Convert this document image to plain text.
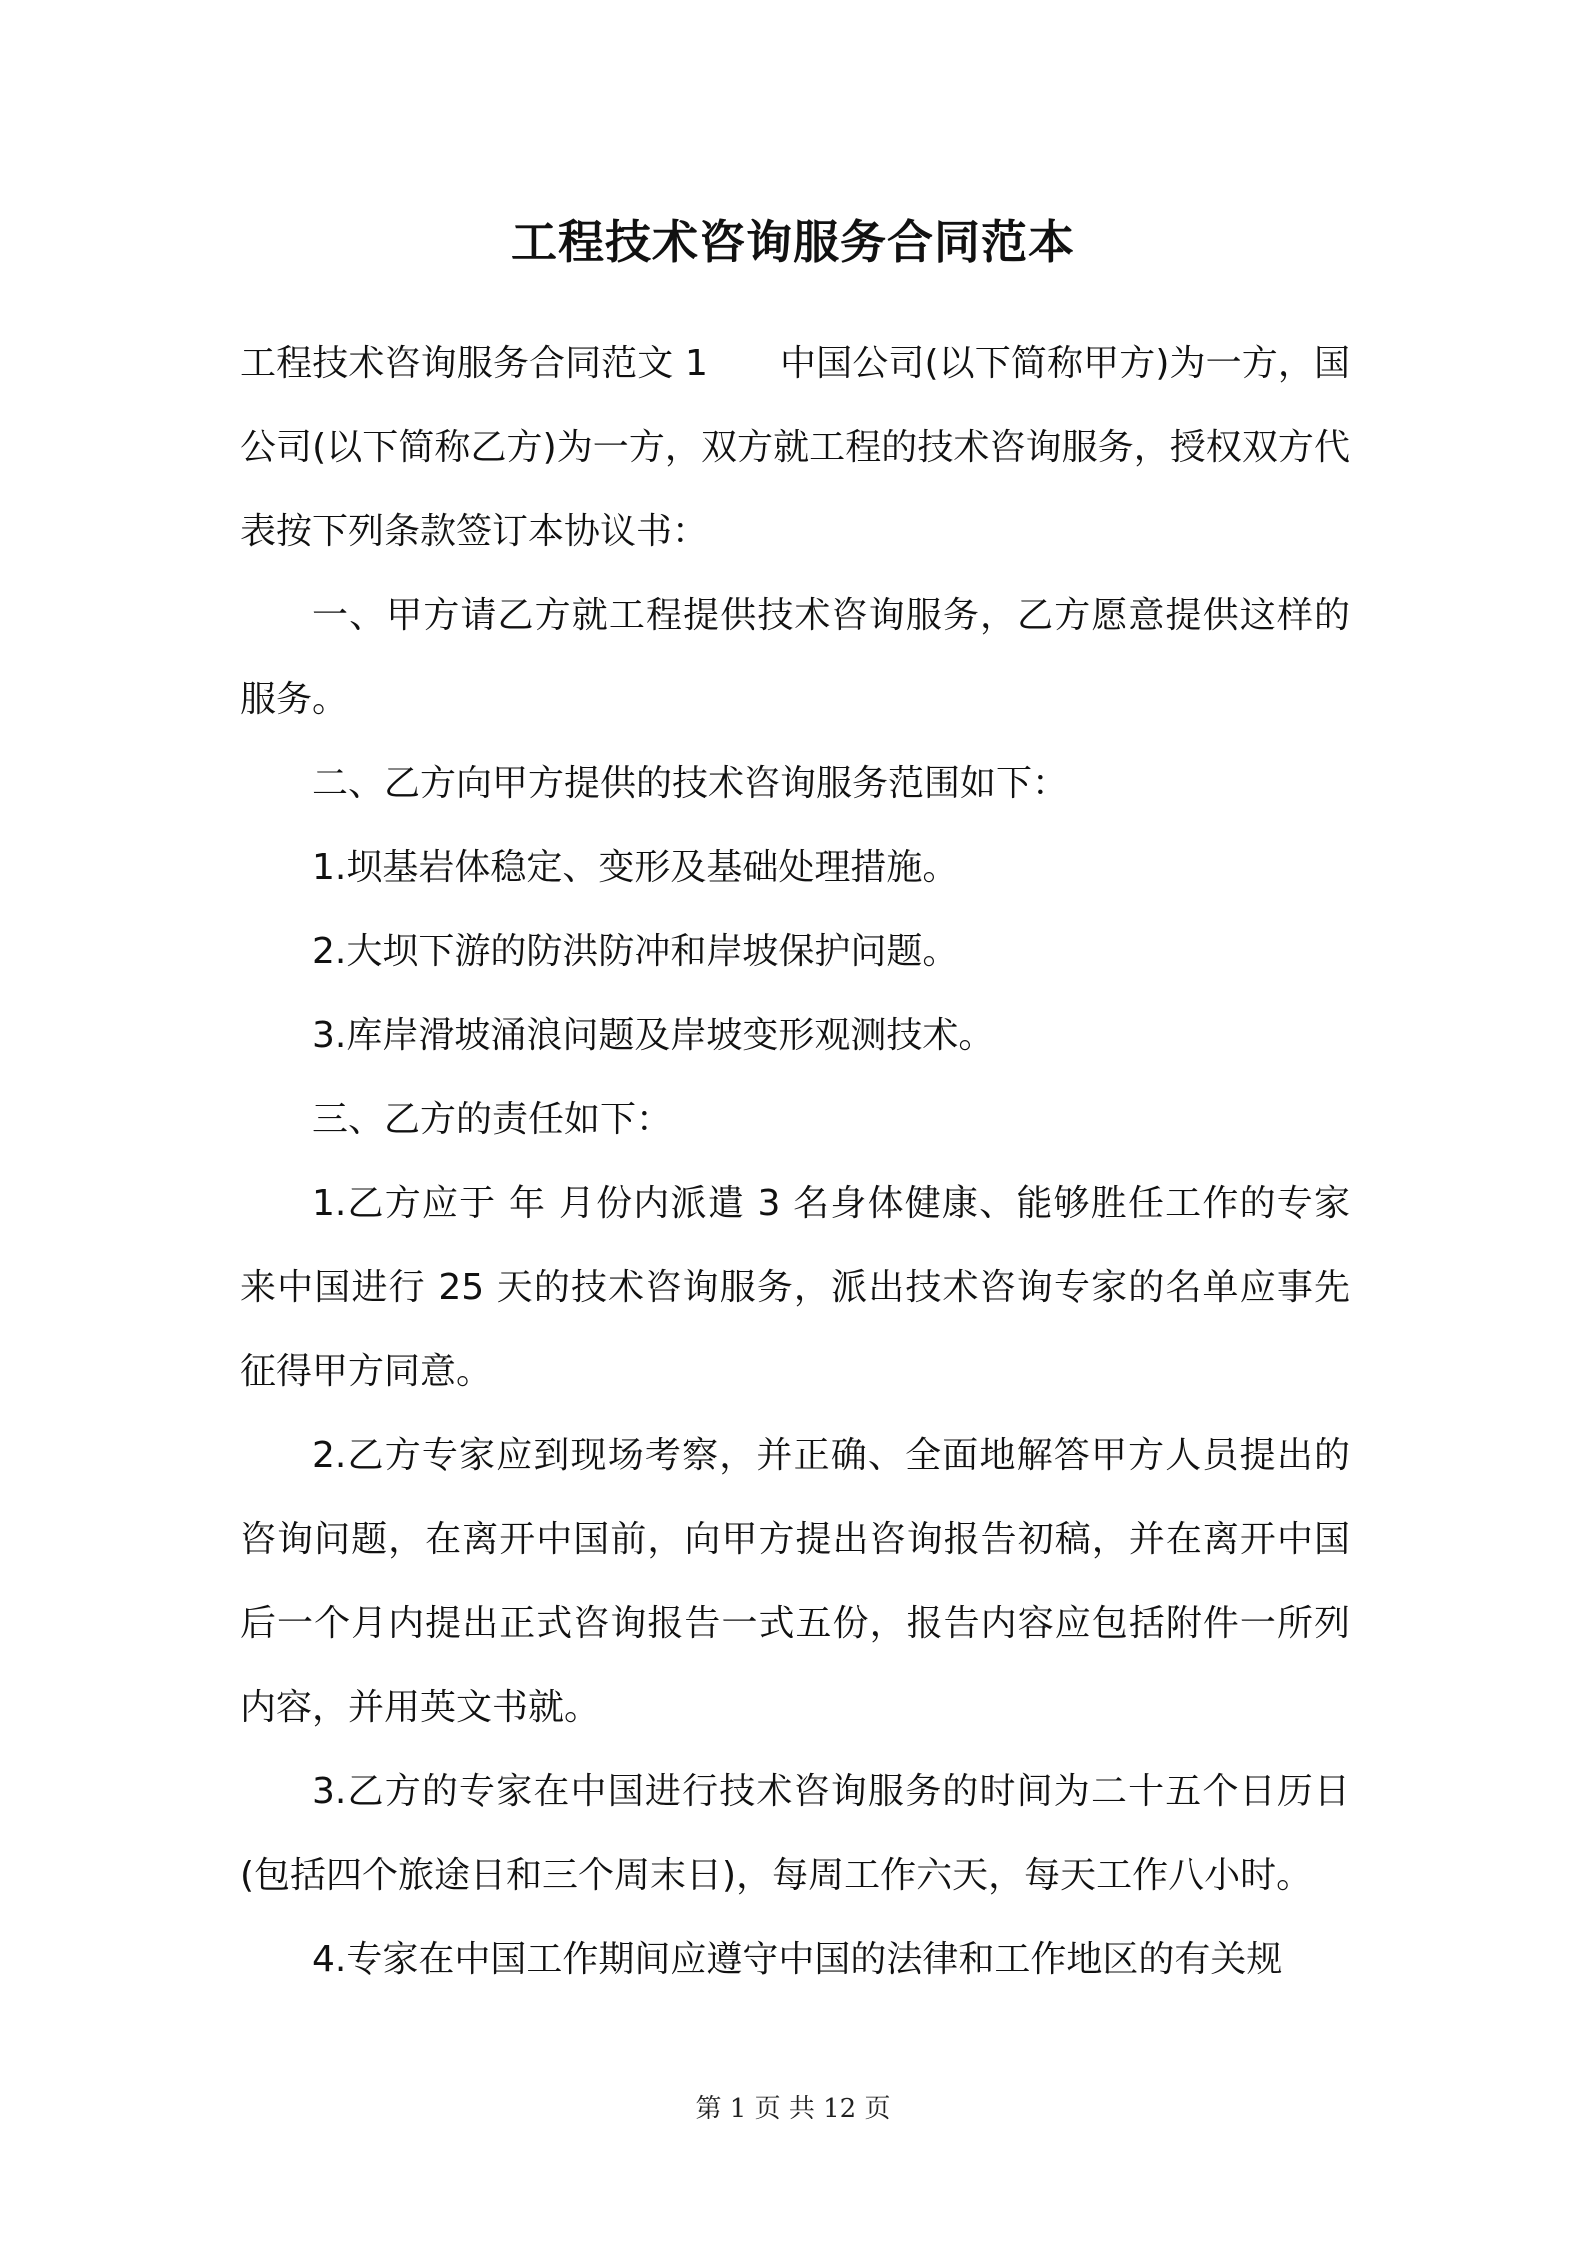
工程技术咨询服务合同范本

工程技术咨询服务合同范文 1 中国公司(以下简称甲方)为一方，国公司(以下简称乙方)为一方，双方就工程的技术咨询服务，授权双方代表按下列条款签订本协议书：

一、甲方请乙方就工程提供技术咨询服务，乙方愿意提供这样的服务。

二、乙方向甲方提供的技术咨询服务范围如下：

1.坝基岩体稳定、变形及基础处理措施。

2.大坝下游的防洪防冲和岸坡保护问题。

3.库岸滑坡涌浪问题及岸坡变形观测技术。

三、乙方的责任如下：

1.乙方应于 年 月份内派遣 3 名身体健康、能够胜任工作的专家来中国进行 25 天的技术咨询服务，派出技术咨询专家的名单应事先征得甲方同意。

2.乙方专家应到现场考察，并正确、全面地解答甲方人员提出的咨询问题，在离开中国前，向甲方提出咨询报告初稿，并在离开中国后一个月内提出正式咨询报告一式五份，报告内容应包括附件一所列内容，并用英文书就。

3.乙方的专家在中国进行技术咨询服务的时间为二十五个日历日(包括四个旅途日和三个周末日)，每周工作六天，每天工作八小时。

4.专家在中国工作期间应遵守中国的法律和工作地区的有关规

第 1 页 共 12 页
